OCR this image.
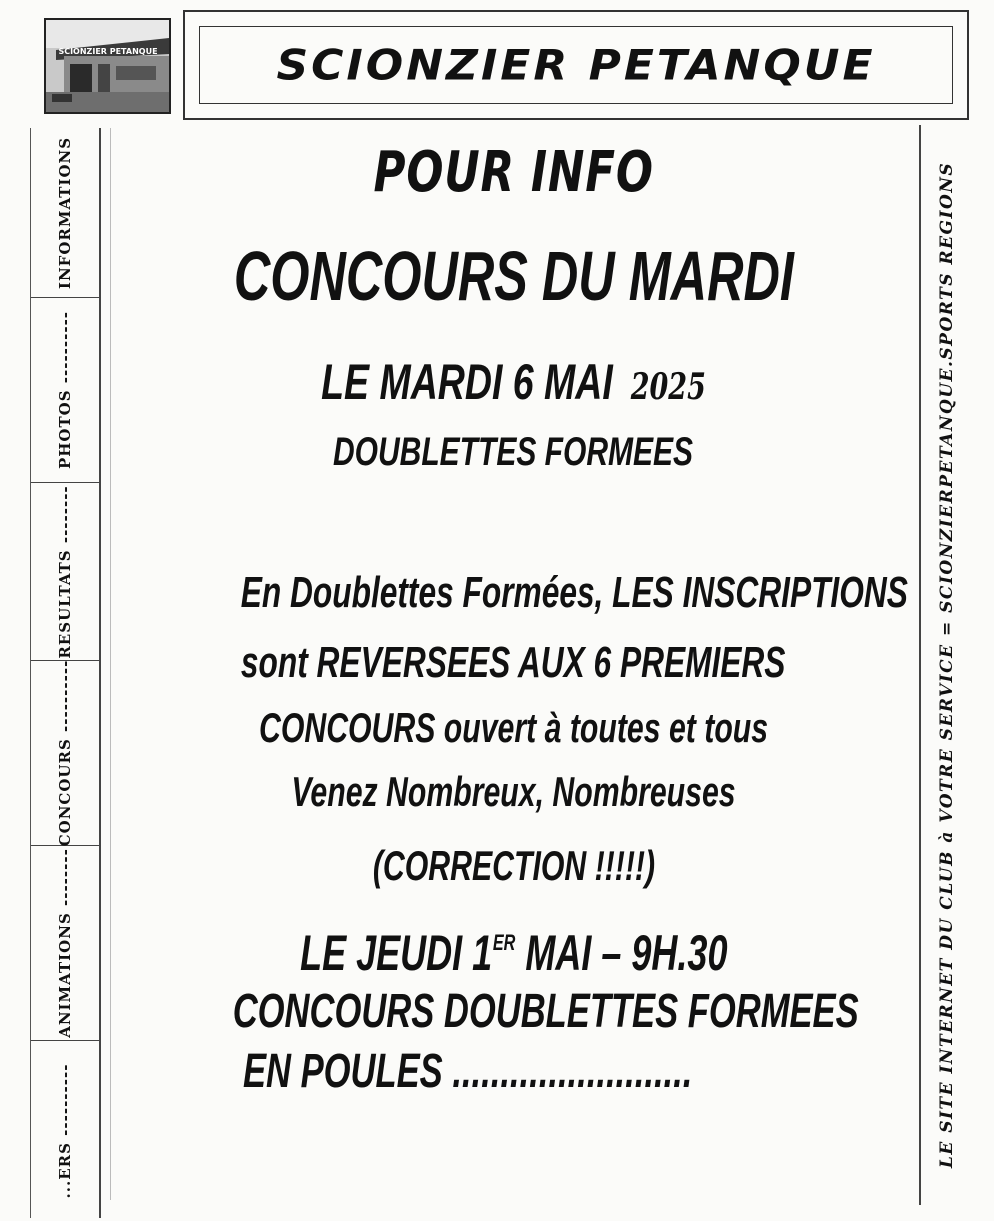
SCIONZIER PETANQUE	SCIONZIER PETANQUE
INFORMATIONS
PHOTOS ----------
RESULTATS --------
CONCOURS ----------
ANIMATIONS --------
...ERS ----------	LE SITE INTERNET DU CLUB à VOTRE SERVICE = SCIONZIERPETANQUE.SPORTS REGIONS
POUR INFO
CONCOURS DU MARDI
LE MARDI 6 MAI 2025
DOUBLETTES FORMEES
En Doublettes Formées, LES INSCRIPTIONS
sont REVERSEES AUX 6 PREMIERS
CONCOURS ouvert à toutes et tous
Venez Nombreux, Nombreuses
(CORRECTION !!!!!)
LE JEUDI 1ER MAI – 9H.30
CONCOURS DOUBLETTES FORMEES
EN POULES .........................
